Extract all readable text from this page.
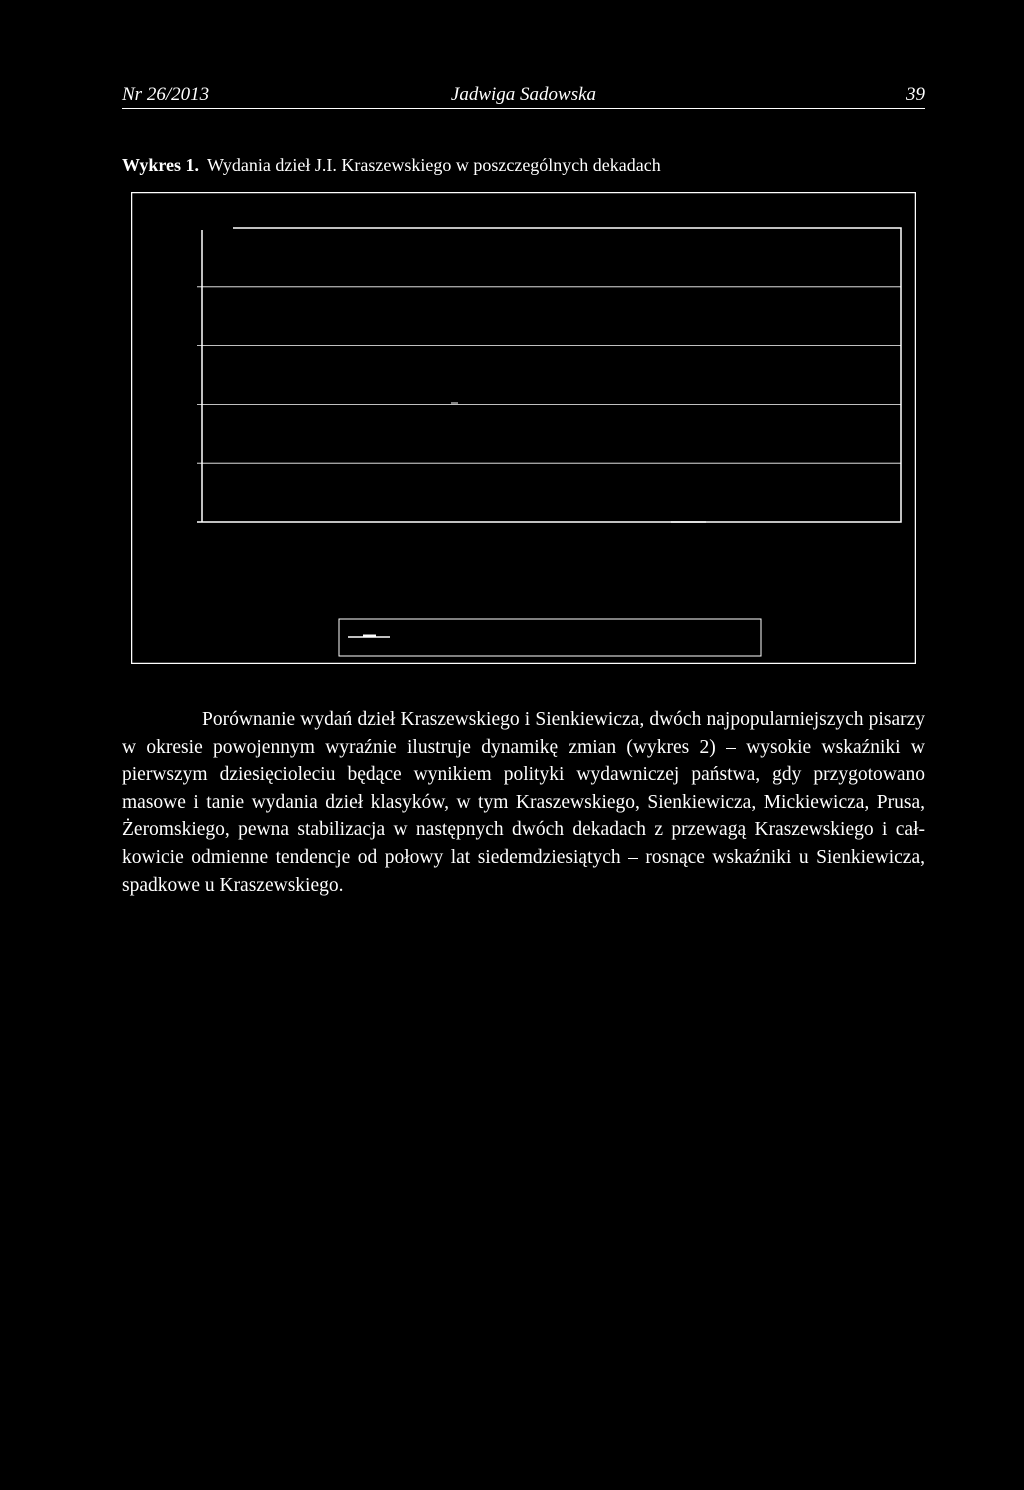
Nr 26/2013	Jadwiga Sadowska	39
Wykres 1. Wydania dzieł J.I. Kraszewskiego w poszczególnych dekadach

Porównanie wydań dzieł Kraszewskiego i Sienkiewicza, dwóch najpopularniejszych pisarzy w okresie powojennym wyraźnie ilustruje dynamikę zmian (wykres 2) – wysokie wskaźniki w pierwszym dziesięcioleciu będące wynikiem polityki wydawniczej państwa, gdy przygotowano masowe i tanie wydania dzieł klasyków, w tym Kraszewskiego, Sienkiewicza, Mickiewicza, Prusa, Żeromskiego, pewna stabilizacja w następnych dwóch dekadach z przewagą Kraszewskiego i całkowicie odmienne tendencje od połowy lat siedemdziesiątych – rosnące wskaźniki u Sienkiewicza, spadkowe u Kraszewskiego.
